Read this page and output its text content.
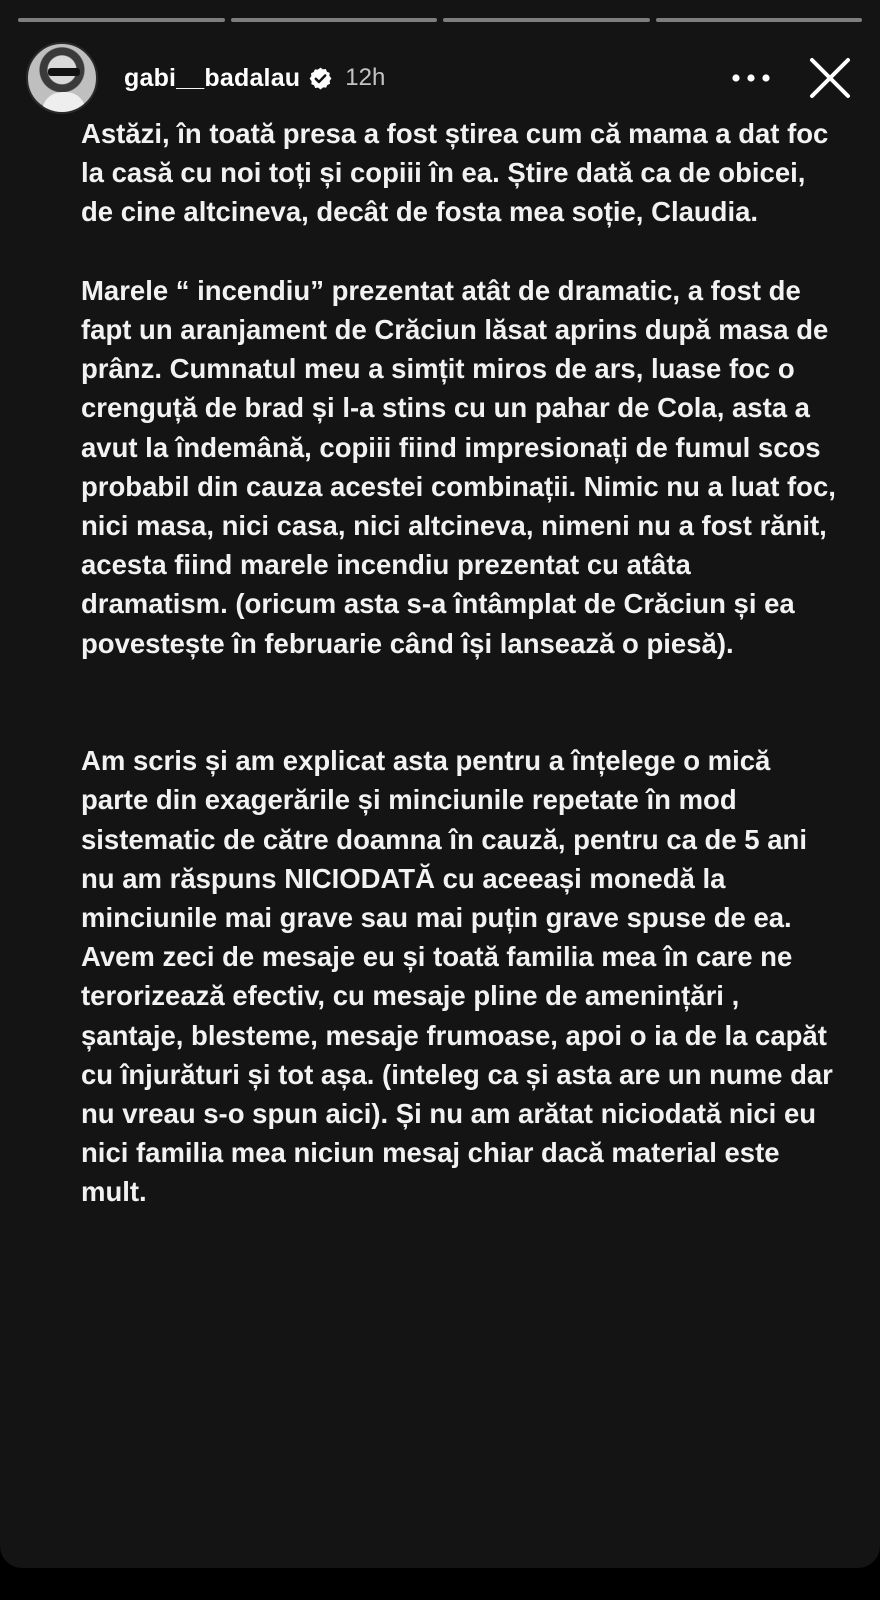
gabi__badalau 12h

Astăzi, în toată presa a fost știrea cum că mama a dat foc la casă cu noi toți și copiii în ea. Știre dată ca de obicei, de cine altcineva, decât de fosta mea soție, Claudia.

Marele “ incendiu” prezentat atât de dramatic, a fost de fapt un aranjament de Crăciun lăsat aprins după masa de prânz. Cumnatul meu a simțit miros de ars, luase foc o crenguță de brad și l-a stins cu un pahar de Cola, asta a avut la îndemână, copiii fiind impresionați de fumul scos probabil din cauza acestei combinații. Nimic nu a luat foc, nici masa, nici casa, nici altcineva, nimeni nu a fost rănit, acesta fiind marele incendiu prezentat cu atâta dramatism. (oricum asta s-a întâmplat de Crăciun și ea povestește în februarie când își lansează o piesă).

Am scris și am explicat asta pentru a înțelege o mică parte din exagerările și minciunile repetate în mod sistematic de către doamna în cauză, pentru ca de 5 ani nu am răspuns NICIODATĂ cu aceeași monedă la minciunile mai grave sau mai puțin grave spuse de ea. Avem zeci de mesaje eu și toată familia mea în care ne terorizează efectiv, cu mesaje pline de amenințări , șantaje, blesteme, mesaje frumoase, apoi o ia de la capăt cu înjurături și tot așa. (inteleg ca și asta are un nume dar nu vreau s-o spun aici). Și nu am arătat niciodată nici eu nici familia mea niciun mesaj chiar dacă material este mult.
